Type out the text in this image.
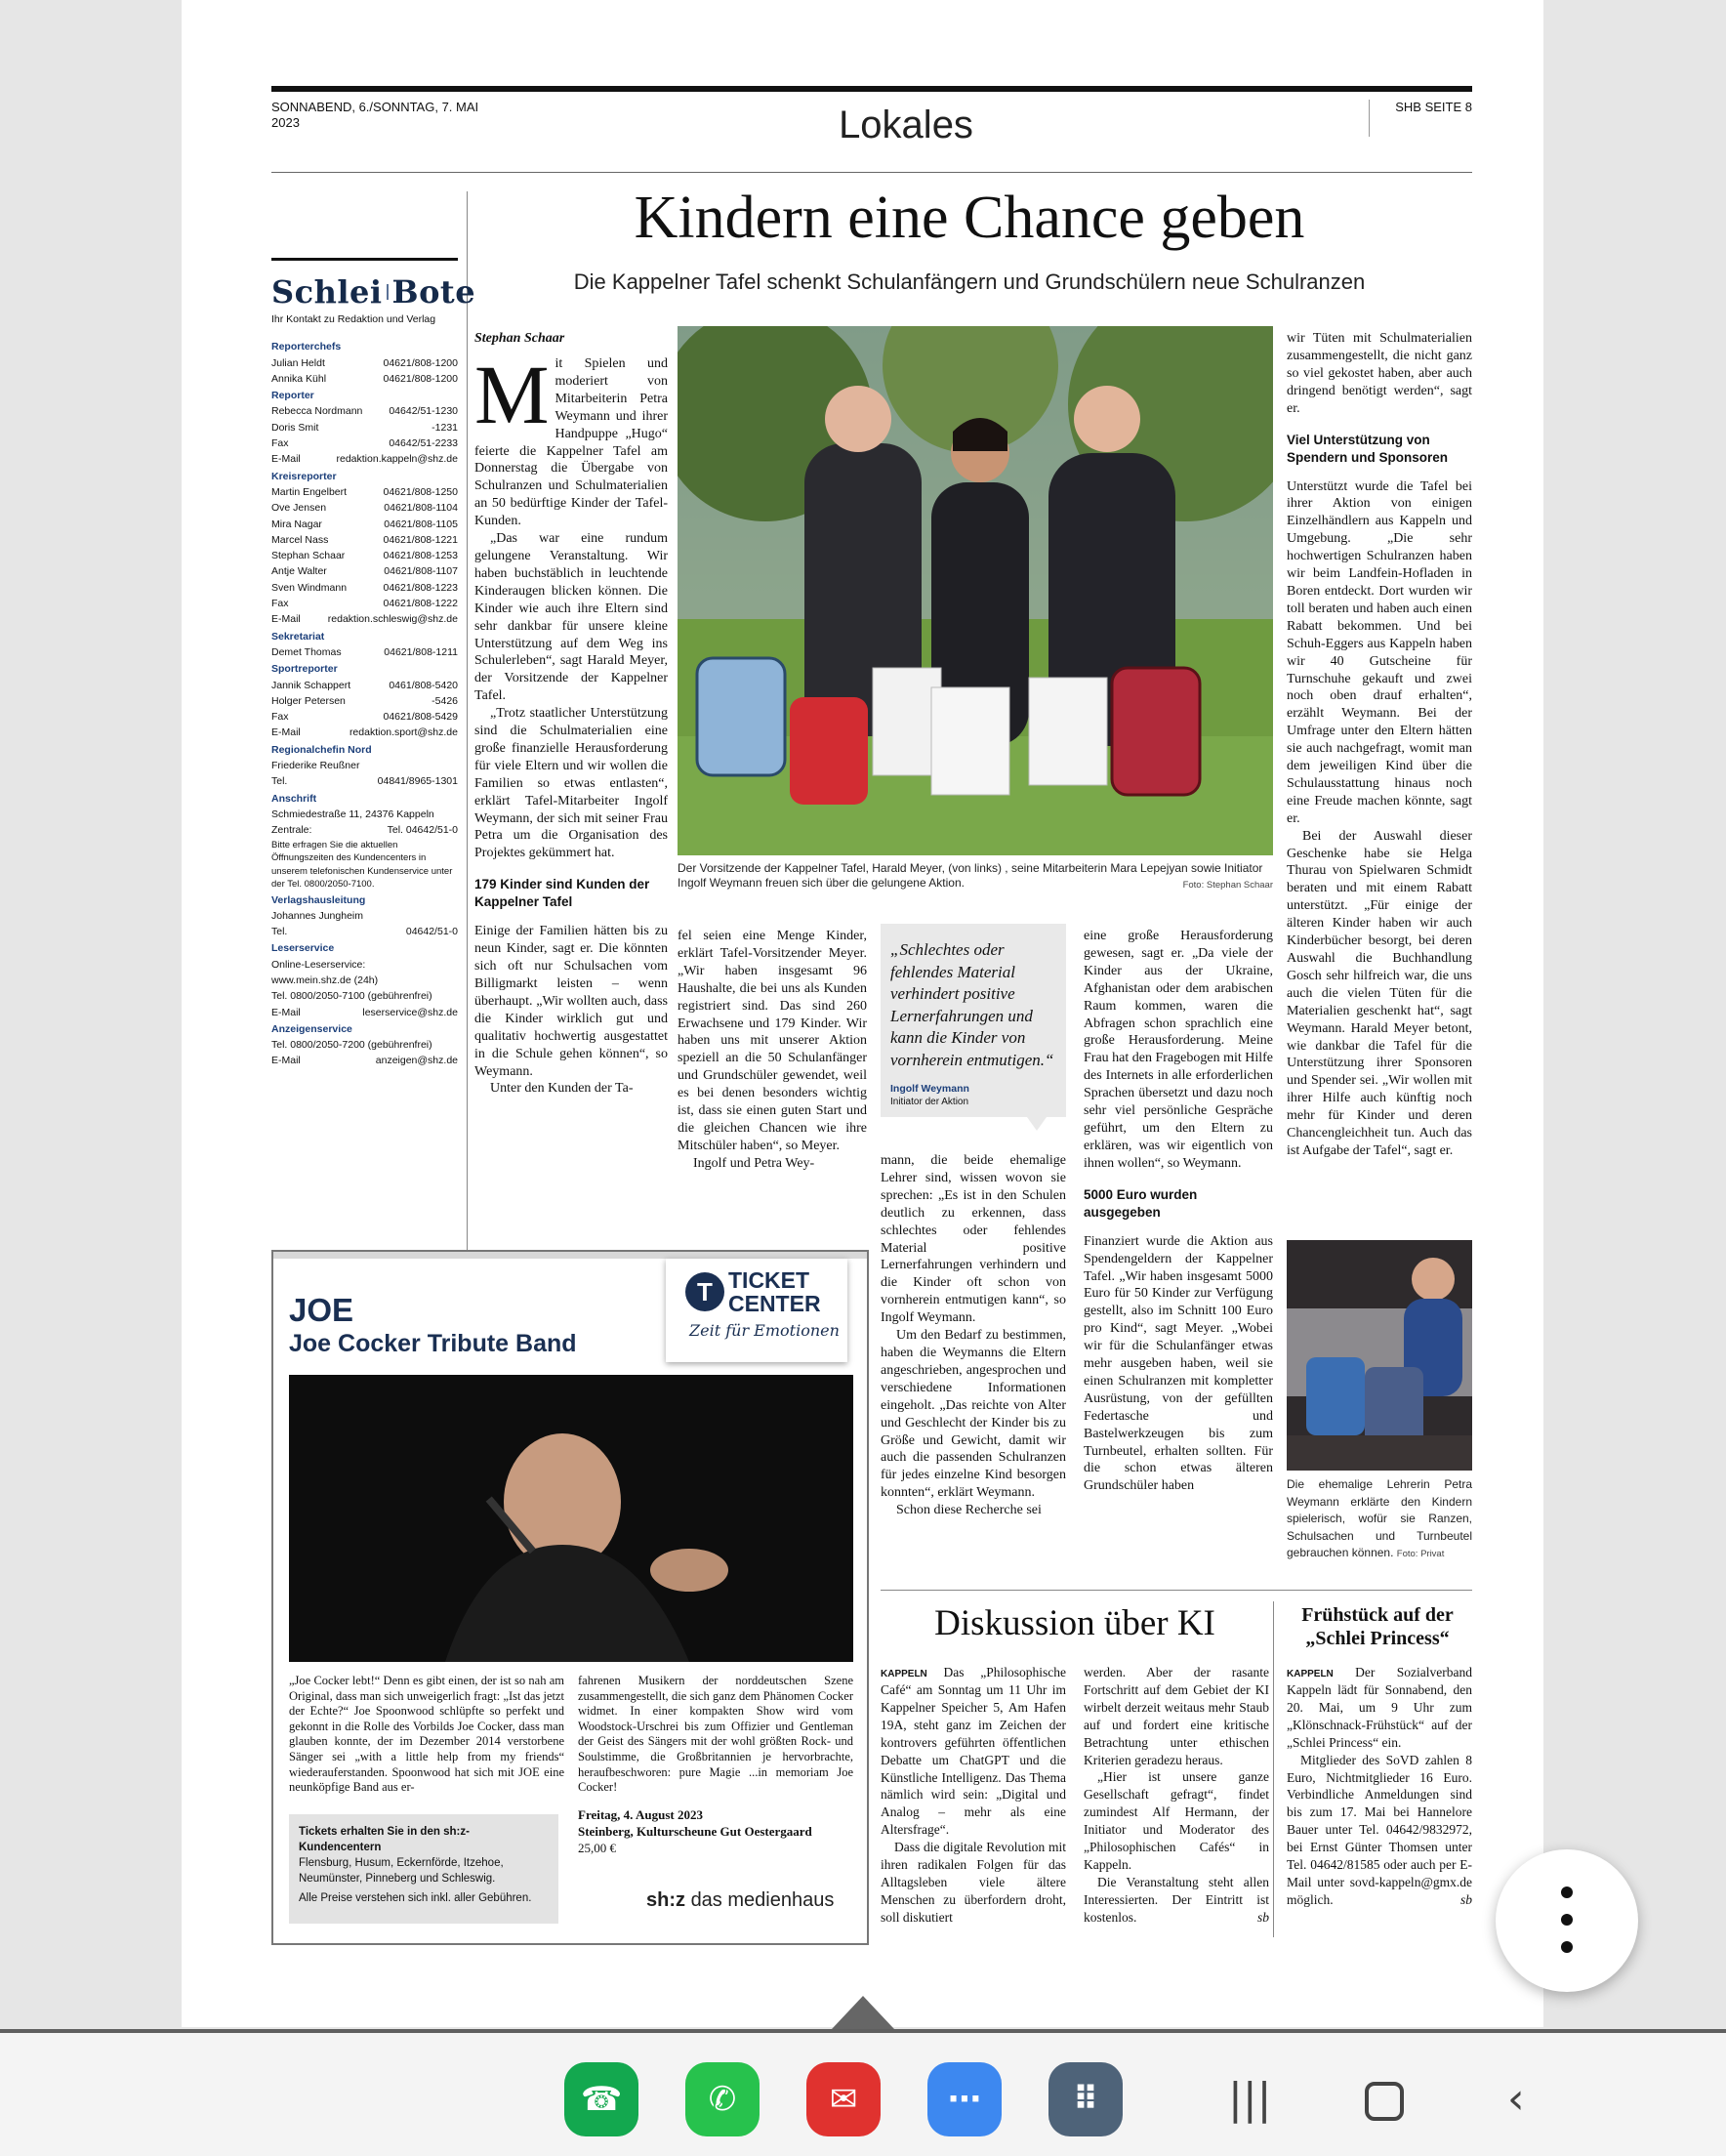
SONNABEND, 6./SONNTAG, 7. MAI 2023	Lokales	SHB SEITE 8
Kindern eine Chance geben
Die Kappelner Tafel schenkt Schulanfängern und Grundschülern neue Schulranzen
Schlei Bote
Ihr Kontakt zu Redaktion und Verlag
Reporterchefs
Julian Heldt	04621/808-1200
Annika Kühl	04621/808-1200
Reporter
Rebecca Nordmann	04642/51-1230
Doris Smit	-1231
Fax	04642/51-2233
E-Mail	redaktion.kappeln@shz.de
Kreisreporter
Martin Engelbert	04621/808-1250
Ove Jensen	04621/808-1104
Mira Nagar	04621/808-1105
Marcel Nass	04621/808-1221
Stephan Schaar	04621/808-1253
Antje Walter	04621/808-1107
Sven Windmann	04621/808-1223
Fax	04621/808-1222
E-Mail	redaktion.schleswig@shz.de
Sekretariat
Demet Thomas	04621/808-1211
Sportreporter
Jannik Schappert	0461/808-5420
Holger Petersen	-5426
Fax	04621/808-5429
E-Mail	redaktion.sport@shz.de
Regionalchefin Nord
Friederike Reußner
Tel.	04841/8965-1301
Anschrift
Schmiedestraße 11, 24376 Kappeln
Zentrale:	Tel. 04642/51-0
Bitte erfragen Sie die aktuellen Öffnungszeiten des Kundencenters in unserem telefonischen Kundenservice unter der Tel. 0800/2050-7100.
Verlagshausleitung
Johannes Jungheim
Tel.	04642/51-0
Leserservice
Online-Leserservice:
www.mein.shz.de (24h)
Tel. 0800/2050-7100 (gebührenfrei)
E-Mail	leserservice@shz.de
Anzeigenservice
Tel. 0800/2050-7200 (gebührenfrei)
E-Mail	anzeigen@shz.de
Stephan Schaar
M it Spielen und moderiert von Mitarbeiterin Petra Weymann und ihrer Handpuppe „Hugo“ feierte die Kappelner Tafel am Donnerstag die Übergabe von Schulranzen und Schulmaterialien an 50 bedürftige Kinder der Tafel-Kunden.

„Das war eine rundum gelungene Veranstaltung. Wir haben buchstäblich in leuchtende Kinderaugen blicken können. Die Kinder wie auch ihre Eltern sind sehr dankbar für unsere kleine Unterstützung auf dem Weg ins Schulerleben“, sagt Harald Meyer, der Vorsitzende der Kappelner Tafel.

„Trotz staatlicher Unterstützung sind die Schulmaterialien eine große finanzielle Herausforderung für viele Eltern und wir wollen die Familien so etwas entlasten“, erklärt Tafel-Mitarbeiter Ingolf Weymann, der sich mit seiner Frau Petra um die Organisation des Projektes gekümmert hat.

179 Kinder sind Kunden der Kappelner Tafel

Einige der Familien hätten bis zu neun Kinder, sagt er. Die könnten sich oft nur Schulsachen vom Billigmarkt leisten – wenn überhaupt. „Wir wollten auch, dass die Kinder wirklich gut und qualitativ hochwertig ausgestattet in die Schule gehen können“, so Weymann.

Unter den Kunden der Ta-

Der Vorsitzende der Kappelner Tafel, Harald Meyer, (von links) , seine Mitarbeiterin Mara Lepejyan sowie Initiator Ingolf Weymann freuen sich über die gelungene Aktion.	Foto: Stephan Schaar

fel seien eine Menge Kinder, erklärt Tafel-Vorsitzender Meyer. „Wir haben insgesamt 96 Haushalte, die bei uns als Kunden registriert sind. Das sind 260 Erwachsene und 179 Kinder. Wir haben uns mit unserer Aktion speziell an die 50 Schulanfänger und Grundschüler gewendet, weil es bei denen besonders wichtig ist, dass sie einen guten Start und die gleichen Chancen wie ihre Mitschüler haben“, so Meyer.

Ingolf und Petra Wey-

„Schlechtes oder fehlendes Material verhindert positive Lernerfahrungen und kann die Kinder von vornherein entmutigen.“
Ingolf Weymann
Initiator der Aktion

mann, die beide ehemalige Lehrer sind, wissen wovon sie sprechen: „Es ist in den Schulen deutlich zu erkennen, dass schlechtes oder fehlendes Material positive Lernerfahrungen verhindern und die Kinder oft schon von vornherein entmutigen kann“, so Ingolf Weymann.

Um den Bedarf zu bestimmen, haben die Weymanns die Eltern angeschrieben, angesprochen und verschiedene Informationen eingeholt. „Das reichte von Alter und Geschlecht der Kinder bis zu Größe und Gewicht, damit wir auch die passenden Schulranzen für jedes einzelne Kind besorgen konnten“, erklärt Weymann.

Schon diese Recherche sei

eine große Herausforderung gewesen, sagt er. „Da viele der Kinder aus der Ukraine, Afghanistan oder dem arabischen Raum kommen, waren die Abfragen schon sprachlich eine große Herausforderung. Meine Frau hat den Fragebogen mit Hilfe des Internets in alle erforderlichen Sprachen übersetzt und dazu noch sehr viel persönliche Gespräche geführt, um den Eltern zu erklären, was wir eigentlich von ihnen wollen“, so Weymann.

5000 Euro wurden ausgegeben

Finanziert wurde die Aktion aus Spendengeldern der Kappelner Tafel. „Wir haben insgesamt 5000 Euro für 50 Kinder zur Verfügung gestellt, also im Schnitt 100 Euro pro Kind“, sagt Meyer. „Wobei wir für die Schulanfänger etwas mehr ausgeben haben, weil sie einen Schulranzen mit kompletter Ausrüstung, von der gefüllten Federtasche und Bastelwerkzeugen bis zum Turnbeutel, erhalten sollten. Für die schon etwas älteren Grundschüler haben

wir Tüten mit Schulmaterialien zusammengestellt, die nicht ganz so viel gekostet haben, aber auch dringend benötigt werden“, sagt er.

Viel Unterstützung von Spendern und Sponsoren

Unterstützt wurde die Tafel bei ihrer Aktion von einigen Einzelhändlern aus Kappeln und Umgebung. „Die sehr hochwertigen Schulranzen haben wir beim Landfein-Hofladen in Boren entdeckt. Dort wurden wir toll beraten und haben auch einen Rabatt bekommen. Und bei Schuh-Eggers aus Kappeln haben wir 40 Gutscheine für Turnschuhe gekauft und zwei noch oben drauf erhalten“, erzählt Weymann. Bei der Umfrage unter den Eltern hätten sie auch nachgefragt, womit man dem jeweiligen Kind über die Schulausstattung hinaus noch eine Freude machen könnte, sagt er.

Bei der Auswahl dieser Geschenke habe sie Helga Thurau von Spielwaren Schmidt beraten und mit einem Rabatt unterstützt. „Für einige der älteren Kinder haben wir auch Kinderbücher besorgt, bei deren Auswahl die Buchhandlung Gosch sehr hilfreich war, die uns auch die vielen Tüten für die Materialien geschenkt hat“, sagt Weymann. Harald Meyer betont, wie dankbar die Tafel für die Unterstützung ihrer Sponsoren und Spender sei. „Wir wollen mit ihrer Hilfe auch künftig noch mehr für Kinder und deren Chancengleichheit tun. Auch das ist Aufgabe der Tafel“, sagt er.

Die ehemalige Lehrerin Petra Weymann erklärte den Kindern spielerisch, wofür sie Ranzen, Schulsachen und Turnbeutel gebrauchen können. Foto: Privat
JOE
Joe Cocker Tribute Band
T TICKET
CENTER
Zeit für Emotionen
„Joe Cocker lebt!“ Denn es gibt einen, der ist so nah am Original, dass man sich unweigerlich fragt: „Ist das jetzt der Echte?“ Joe Spoonwood schlüpfte so perfekt und gekonnt in die Rolle des Vorbilds Joe Cocker, dass man glauben konnte, der im Dezember 2014 verstorbene Sänger sei „with a little help from my friends“ wiederauferstanden. Spoonwood hat sich mit JOE eine neunköpfige Band aus er-
fahrenen Musikern der norddeutschen Szene zusammengestellt, die sich ganz dem Phänomen Cocker widmet. In einer kompakten Show wird vom Woodstock-Urschrei bis zum Offizier und Gentleman der Geist des Sängers mit der wohl größten Rock- und Soulstimme, die Großbritannien je hervorbrachte, heraufbeschworen: pure Magie ...in memoriam Joe Cocker!
Tickets erhalten Sie in den sh:z-Kundencentern
Flensburg, Husum, Eckernförde, Itzehoe, Neumünster, Pinneberg und Schleswig.
Alle Preise verstehen sich inkl. aller Gebühren.
Freitag, 4. August 2023
Steinberg, Kulturscheune Gut Oestergaard
25,00 €
sh:z das medienhaus
Diskussion über KI

KAPPELN Das „Philosophische Café“ am Sonntag um 11 Uhr im Kappelner Speicher 5, Am Hafen 19A, steht ganz im Zeichen der kontrovers geführten öffentlichen Debatte um ChatGPT und die Künstliche Intelligenz. Das Thema nämlich wird sein: „Digital und Analog – mehr als eine Altersfrage“.

Dass die digitale Revolution mit ihren radikalen Folgen für das Alltagsleben viele ältere Menschen zu überfordern droht, soll diskutiert

werden. Aber der rasante Fortschritt auf dem Gebiet der KI wirbelt derzeit weitaus mehr Staub auf und fordert eine kritische Betrachtung unter ethischen Kriterien geradezu heraus.

„Hier ist unsere ganze Gesellschaft gefragt“, findet zumindest Alf Hermann, der Initiator und Moderator des „Philosophischen Cafés“ in Kappeln.

Die Veranstaltung steht allen Interessierten. Der Eintritt ist kostenlos.	sb

Frühstück auf der „Schlei Princess“

KAPPELN Der Sozialverband Kappeln lädt für Sonnabend, den 20. Mai, um 9 Uhr zum „Klönschnack-Frühstück“ auf der „Schlei Princess“ ein.

Mitglieder des SoVD zahlen 8 Euro, Nichtmitglieder 16 Euro. Verbindliche Anmeldungen sind bis zum 17. Mai bei Hannelore Bauer unter Tel. 04642/9832972, bei Ernst Günter Thomsen unter Tel. 04642/81585 oder auch per E-Mail unter sovd-kappeln@gmx.de möglich.	sb

☎	✆	✉	⋯	⠿	|||	‹
